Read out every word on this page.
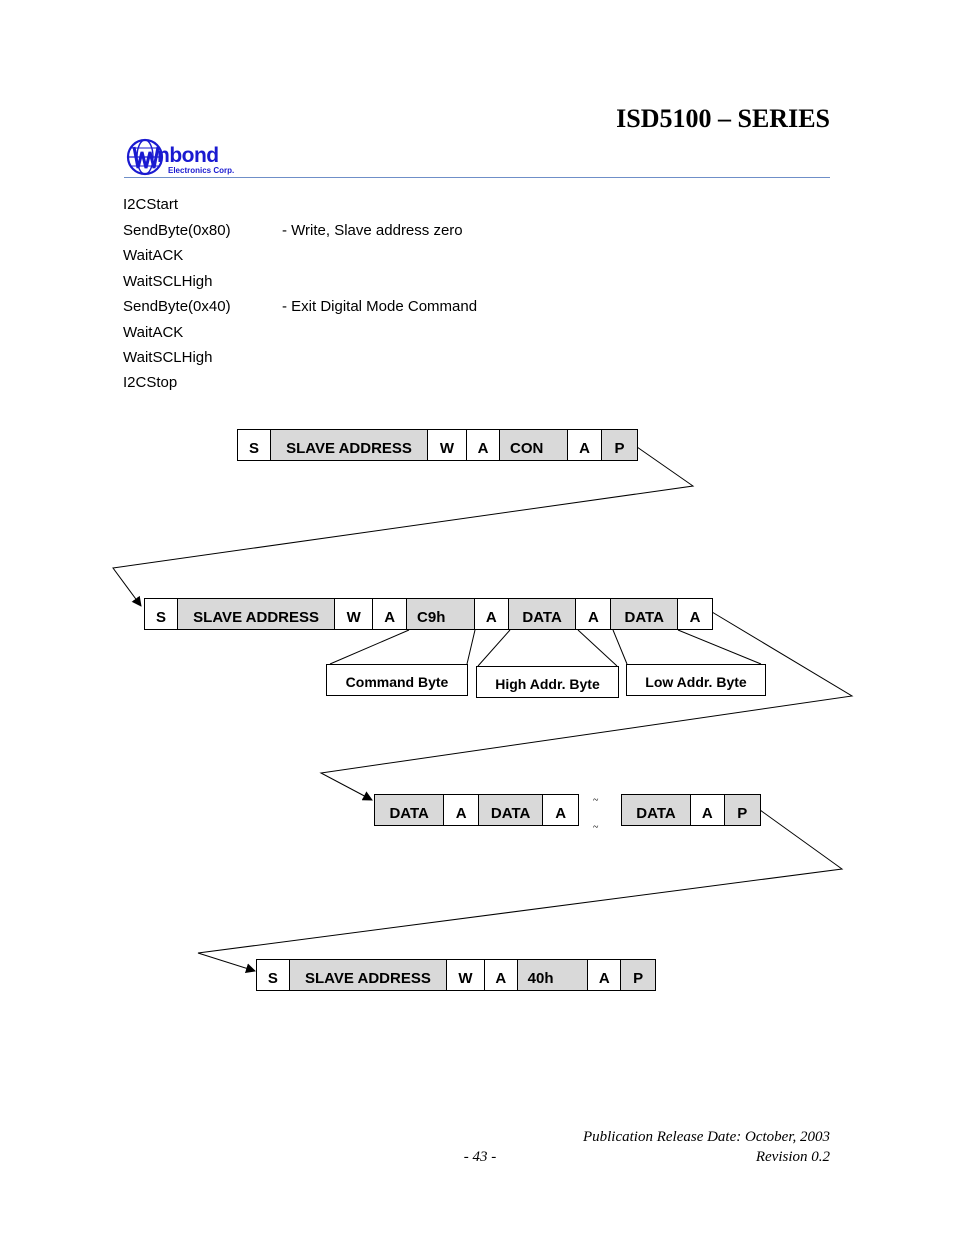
ISD5100 – SERIES
nbond
Electronics Corp.
I2CStart
SendByte(0x80)	- Write, Slave address zero
WaitACK
WaitSCLHigh
SendByte(0x40)	- Exit Digital Mode Command
WaitACK
WaitSCLHigh
I2CStop
~
~
S	SLAVE ADDRESS	W	A	CON	A	P
S	SLAVE ADDRESS	W	A	C9h	A	DATA	A	DATA	A
Command Byte	High Addr. Byte	Low Addr. Byte
DATA	A	DATA	A	DATA	A	P
S	SLAVE ADDRESS	W	A	40h	A	P
Publication Release Date: October, 2003
- 43 -	Revision 0.2
